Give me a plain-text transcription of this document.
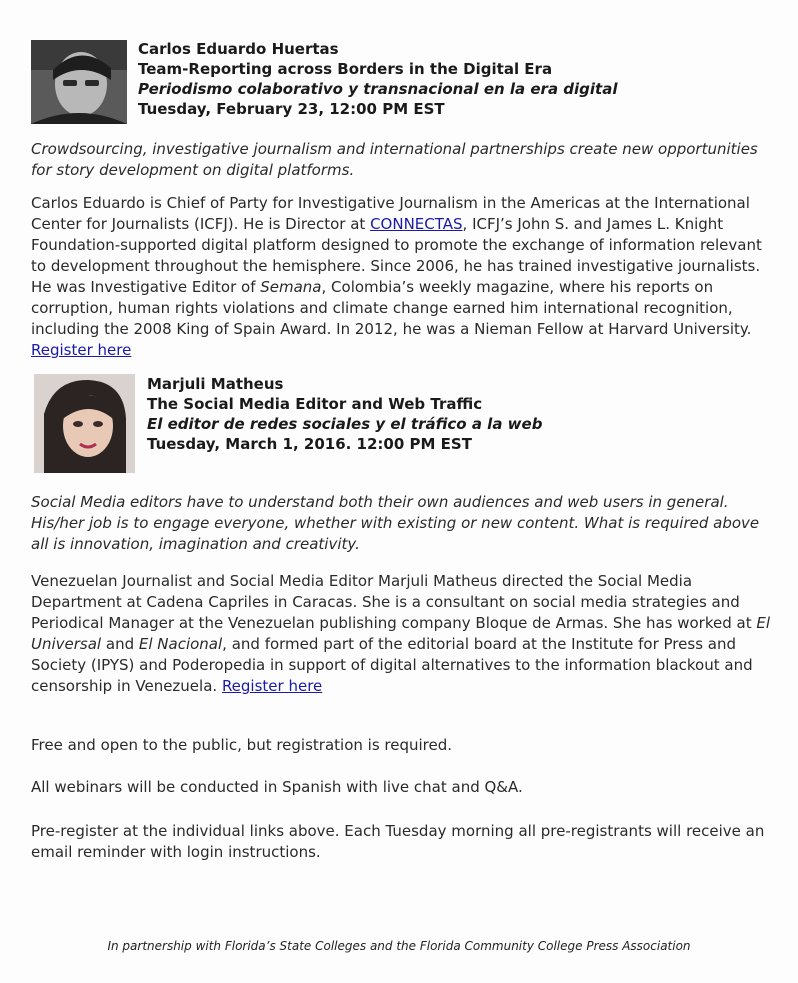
Carlos Eduardo Huertas
Team-Reporting across Borders in the Digital Era
Periodismo colaborativo y transnacional en la era digital
Tuesday, February 23, 12:00 PM EST
Crowdsourcing, investigative journalism and international partnerships create new opportunities for story development on digital platforms.
Carlos Eduardo is Chief of Party for Investigative Journalism in the Americas at the International Center for Journalists (ICFJ). He is Director at CONNECTAS, ICFJ’s John S. and James L. Knight Foundation-supported digital platform designed to promote the exchange of information relevant to development throughout the hemisphere. Since 2006, he has trained investigative journalists. He was Investigative Editor of Semana, Colombia’s weekly magazine, where his reports on corruption, human rights violations and climate change earned him international recognition, including the 2008 King of Spain Award. In 2012, he was a Nieman Fellow at Harvard University. Register here
Marjuli Matheus
The Social Media Editor and Web Traffic
El editor de redes sociales y el tráfico a la web
Tuesday, March 1, 2016. 12:00 PM EST
Social Media editors have to understand both their own audiences and web users in general. His/her job is to engage everyone, whether with existing or new content. What is required above all is innovation, imagination and creativity.
Venezuelan Journalist and Social Media Editor Marjuli Matheus directed the Social Media Department at Cadena Capriles in Caracas. She is a consultant on social media strategies and Periodical Manager at the Venezuelan publishing company Bloque de Armas. She has worked at El Universal and El Nacional, and formed part of the editorial board at the Institute for Press and Society (IPYS) and Poderopedia in support of digital alternatives to the information blackout and censorship in Venezuela. Register here
Free and open to the public, but registration is required.
All webinars will be conducted in Spanish with live chat and Q&A.
Pre-register at the individual links above. Each Tuesday morning all pre-registrants will receive an email reminder with login instructions.
In partnership with Florida’s State Colleges and the Florida Community College Press Association
